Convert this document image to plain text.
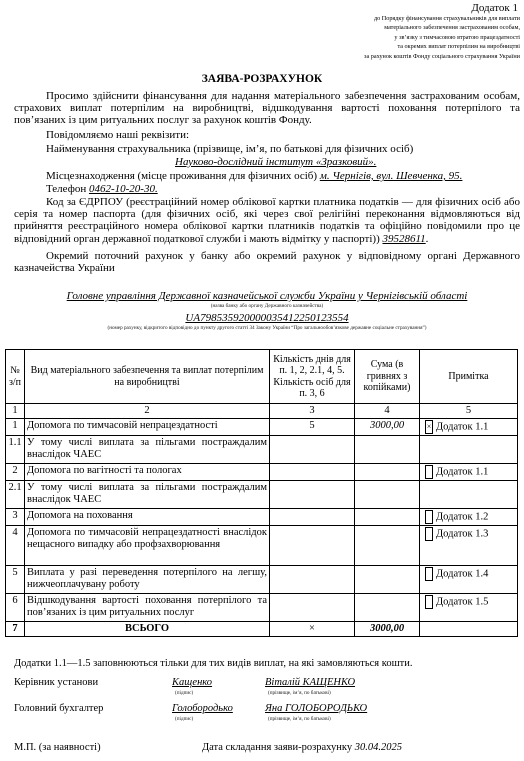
Додаток 1
до Порядку фінансування страхувальників для виплати
матеріального забезпечення застрахованим особам,
у зв’язку з тимчасовою втратою працездатності
та окремих виплат потерпілим на виробництві
за рахунок коштів Фонду соціального страхування України
ЗАЯВА-РОЗРАХУНОК
Просимо здійснити фінансування для надання матеріального забезпечення застрахованим особам, страхових виплат потерпілим на виробництві, відшкодування вартості поховання потерпілого та пов’язаних із цим ритуальних послуг за рахунок коштів Фонду.
Повідомляємо наші реквізити:
Найменування страхувальника (прізвище, ім’я, по батькові для фізичних осіб)
Науково-дослідний інститут «Зразковий».
Місцезнаходження (місце проживання для фізичних осіб) м. Чернігів, вул. Шевченка, 95.
Телефон 0462-10-20-30.
Код за ЄДРПОУ (реєстраційний номер облікової картки платника податків — для фізичних осіб або серія та номер паспорта (для фізичних осіб, які через свої релігійні переконання відмовляються від прийняття реєстраційного номера облікової картки платників податків та офіційно повідомили про це відповідний орган державної податкової служби і мають відмітку у паспорті)) 39528611.
Окремий поточний рахунок у банку або окремий рахунок у відповідному органі Державного казначейства України
Головне управління Державної казначейської служби України у Чернігівській області
(назва банку або органу Державного казначейства)
UA798535920000035412250123554
(номер рахунку, відкритого відповідно до пункту другого статті 34 Закону України “Про загальнообов’язкове державне соціальне страхування”)
№ з/п	Вид матеріального забезпечення та виплат потерпілим на виробництві	Кількість днів для п. 1, 2, 2.1, 4, 5. Кількість осіб для п. 3, 6	Сума (в гривнях з копійками)	Примітка
1	2	3	4	5
1	Допомога по тимчасовій непрацездатності	5	3000,00	× Додаток 1.1
1.1	У тому числі виплата за пільгами постраждалим внаслідок ЧАЕС			
2	Допомога по вагітності та пологах			Додаток 1.1
2.1	У тому числі виплата за пільгами постраждалим внаслідок ЧАЕС			
3	Допомога на поховання			Додаток 1.2
4	Допомога по тимчасовій непрацездатності внаслідок нещасного випадку або профзахворювання			Додаток 1.3
5	Виплата у разі переведення потерпілого на легшу, нижчеоплачувану роботу			Додаток 1.4
6	Відшкодування вартості поховання потерпілого та пов’язаних із цим ритуальних послуг			Додаток 1.5
7	ВСЬОГО	×	3000,00	
Додатки 1.1—1.5 заповнюються тільки для тих видів виплат, на які замовляються кошти.
Керівник установи	Кащенко
(підпис)
Віталій КАЩЕНКО
(прізвище, ім’я, по батькові)
Головний бухгалтер	Голобородько
(підпис)
Яна ГОЛОБОРОДЬКО
(прізвище, ім’я, по батькові)
М.П. (за наявності)	Дата складання заяви-розрахунку 30.04.2025
